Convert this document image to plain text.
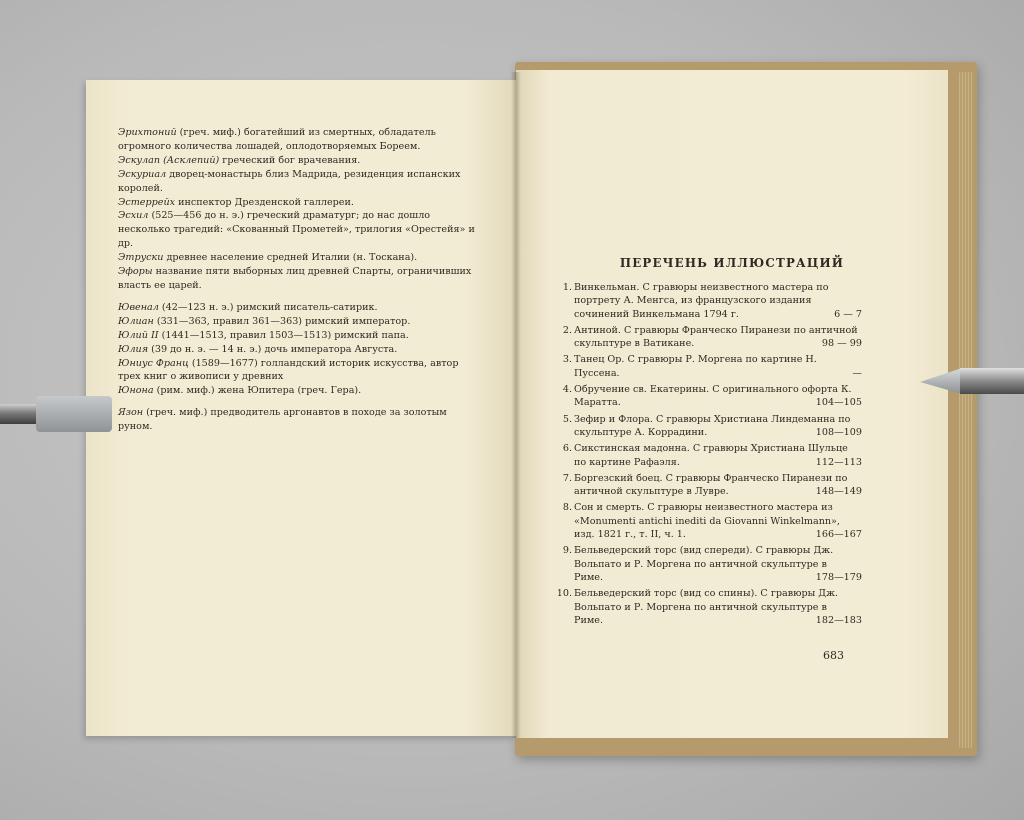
Эрихтоний (греч. миф.) богатейший из смертных, обладатель огромного количества лошадей, оплодотворяемых Бореем.
Эскулап (Асклепий) греческий бог врачевания.
Эскуриал дворец-монастырь близ Мадрида, резиденция испанских королей.
Эстеррейх инспектор Дрезденской галлереи.
Эсхил (525—456 до н. э.) греческий драматург; до нас дошло несколько трагедий: «Скованный Прометей», трилогия «Орестейя» и др.
Этруски древнее население средней Италии (н. Тоскана).
Эфоры название пяти выборных лиц древней Спарты, ограничивших власть ее царей.
Ювенал (42—123 н. э.) римский писатель-сатирик.
Юлиан (331—363, правил 361—363) римский император.
Юлий II (1441—1513, правил 1503—1513) римский папа.
Юлия (39 до н. э. — 14 н. э.) дочь императора Августа.
Юниус Франц (1589—1677) голландский историк искусства, автор трех книг о живописи у древних
Юнона (рим. миф.) жена Юпитера (греч. Гера).
Язон (греч. миф.) предводитель аргонавтов в походе за золотым руном.
ПЕРЕЧЕНЬ ИЛЛЮСТРАЦИЙ
1. Винкельман. С гравюры неизвестного мастера по портрету А. Менгса, из французского издания сочинений Винкельмана 1794 г.	6 — 7
2. Антиной. С гравюры Франческо Пиранези по античной скульптуре в Ватикане.	98 — 99
3. Танец Ор. С гравюры Р. Моргена по картине Н. Пуссена.	—
4. Обручение св. Екатерины. С оригинального офорта К. Маратта.	104—105
5. Зефир и Флора. С гравюры Христиана Линдеманна по скульптуре А. Коррадини.	108—109
6. Сикстинская мадонна. С гравюры Христиана Шульце по картине Рафаэля.	112—113
7. Боргезский боец. С гравюры Франческо Пиранези по античной скульптуре в Лувре.	148—149
8. Сон и смерть. С гравюры неизвестного мастера из «Monumenti antichi inediti da Giovanni Winkelmann», изд. 1821 г., т. II, ч. 1.	166—167
9. Бельведерский торс (вид спереди). С гравюры Дж. Вольпато и Р. Моргена по античной скульптуре в Риме.	178—179
10. Бельведерский торс (вид со спины). С гравюры Дж. Вольпато и Р. Моргена по античной скульптуре в Риме.	182—183
683
